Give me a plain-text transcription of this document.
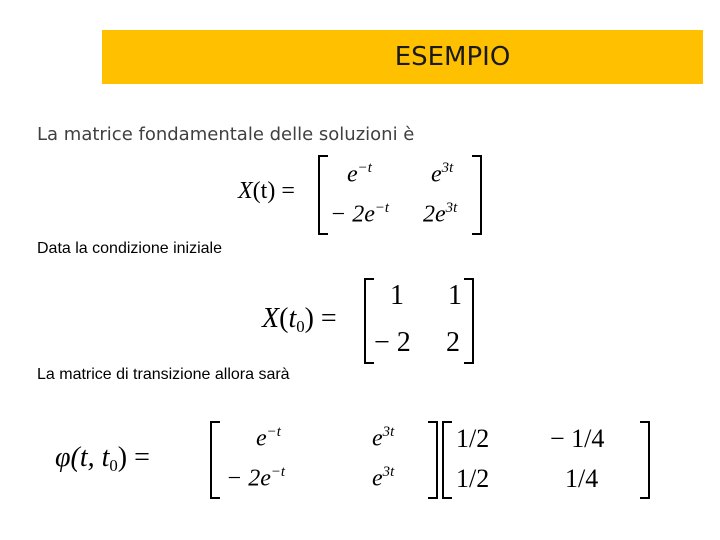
ESEMPIO
La matrice fondamentale delle soluzioni è
X(t) =
$e^{-t}$ $e^{3t}$
− $2e^{-t}$ $2e^{3t}$
Data la condizione iniziale
$X(t_0)$ =
1 1
− 2 2
La matrice di transizione allora sarà
φ(t, $t_0$) =
$e^{-t}$	$e^{3t}$
− $2e^{-t}$	$e^{3t}$
1/2 − 1/4
1/2	1/4
